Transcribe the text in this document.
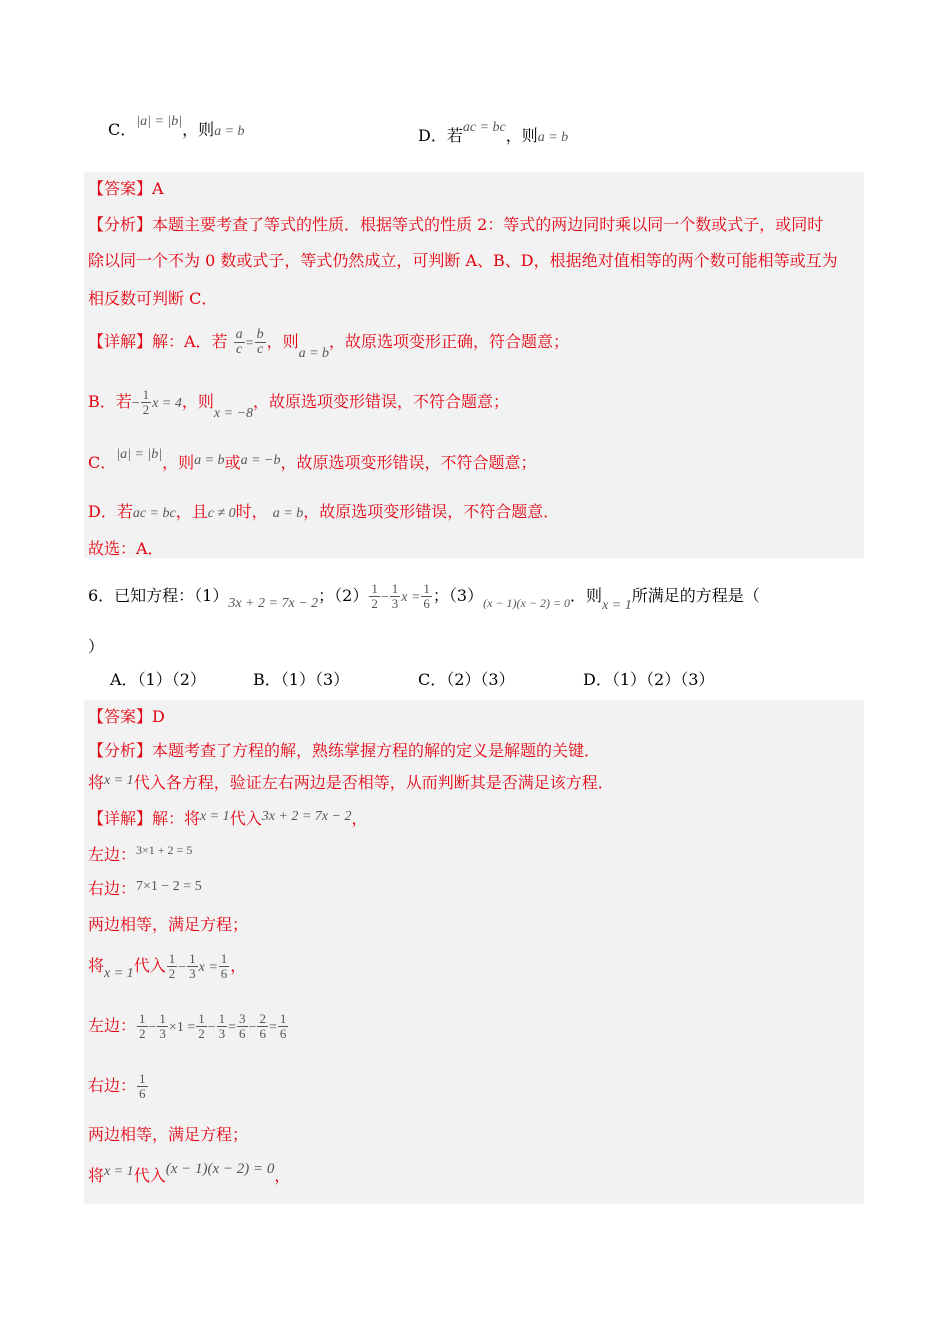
C．|a| = |b|，则a = b	D．若ac = bc，则a = b
【答案】A
【分析】本题主要考查了等式的性质．根据等式的性质 2：等式的两边同时乘以同一个数或式子，或同时
除以同一个不为 0 数或式子，等式仍然成立，可判断 A、B、D，根据绝对值相等的两个数可能相等或互为
相反数可判断 C．
【详解】解：A．若 $\frac{a}{c} = \frac{b}{c}$ ，则a = b，故原选项变形正确，符合题意；
B．若− $\frac{1}{2}$ x = 4，则x = −8，故原选项变形错误，不符合题意；
C．|a| = |b|，则a = b或a = −b，故原选项变形错误，不符合题意；
D．若ac = bc，且c ≠ 0时， a = b，故原选项变形错误，不符合题意．
故选：A．
6．已知方程：（1）3x + 2 = 7x − 2；$(2) \frac{1}{2} - \frac{1}{3}$ $x = \frac{1}{6}$ ；$(3)_{(x - 1)(x - 2) = 0}$．则x = 1所满足的方程是（
）
A．（1）（2）	B．（1）（3）	C．（2）（3）	D．（1）（2）（3）
【答案】D
【分析】本题考查了方程的解，熟练掌握方程的解的定义是解题的关键．
将x = 1代入各方程，验证左右两边是否相等，从而判断其是否满足该方程．
【详解】解：将x = 1代入3x + 2 = 7x − 2，
左边：$^{3\times 1 + 2 = 5}$
右边：7×1 − 2 = 5
两边相等，满足方程；
将x = 1代入 $\frac{1}{2} - \frac{1}{3}$ $x = \frac{1}{6}$ ，
左边： $\frac{1}{2} - \frac{1}{3} \times 1 = \frac{1}{2} - \frac{1}{3} = \frac{3}{6} - \frac{2}{6} = \frac{1}{6}$
右边： $\frac{1}{6}$
两边相等，满足方程；
将x = 1代入(x − 1)(x − 2) = 0，
